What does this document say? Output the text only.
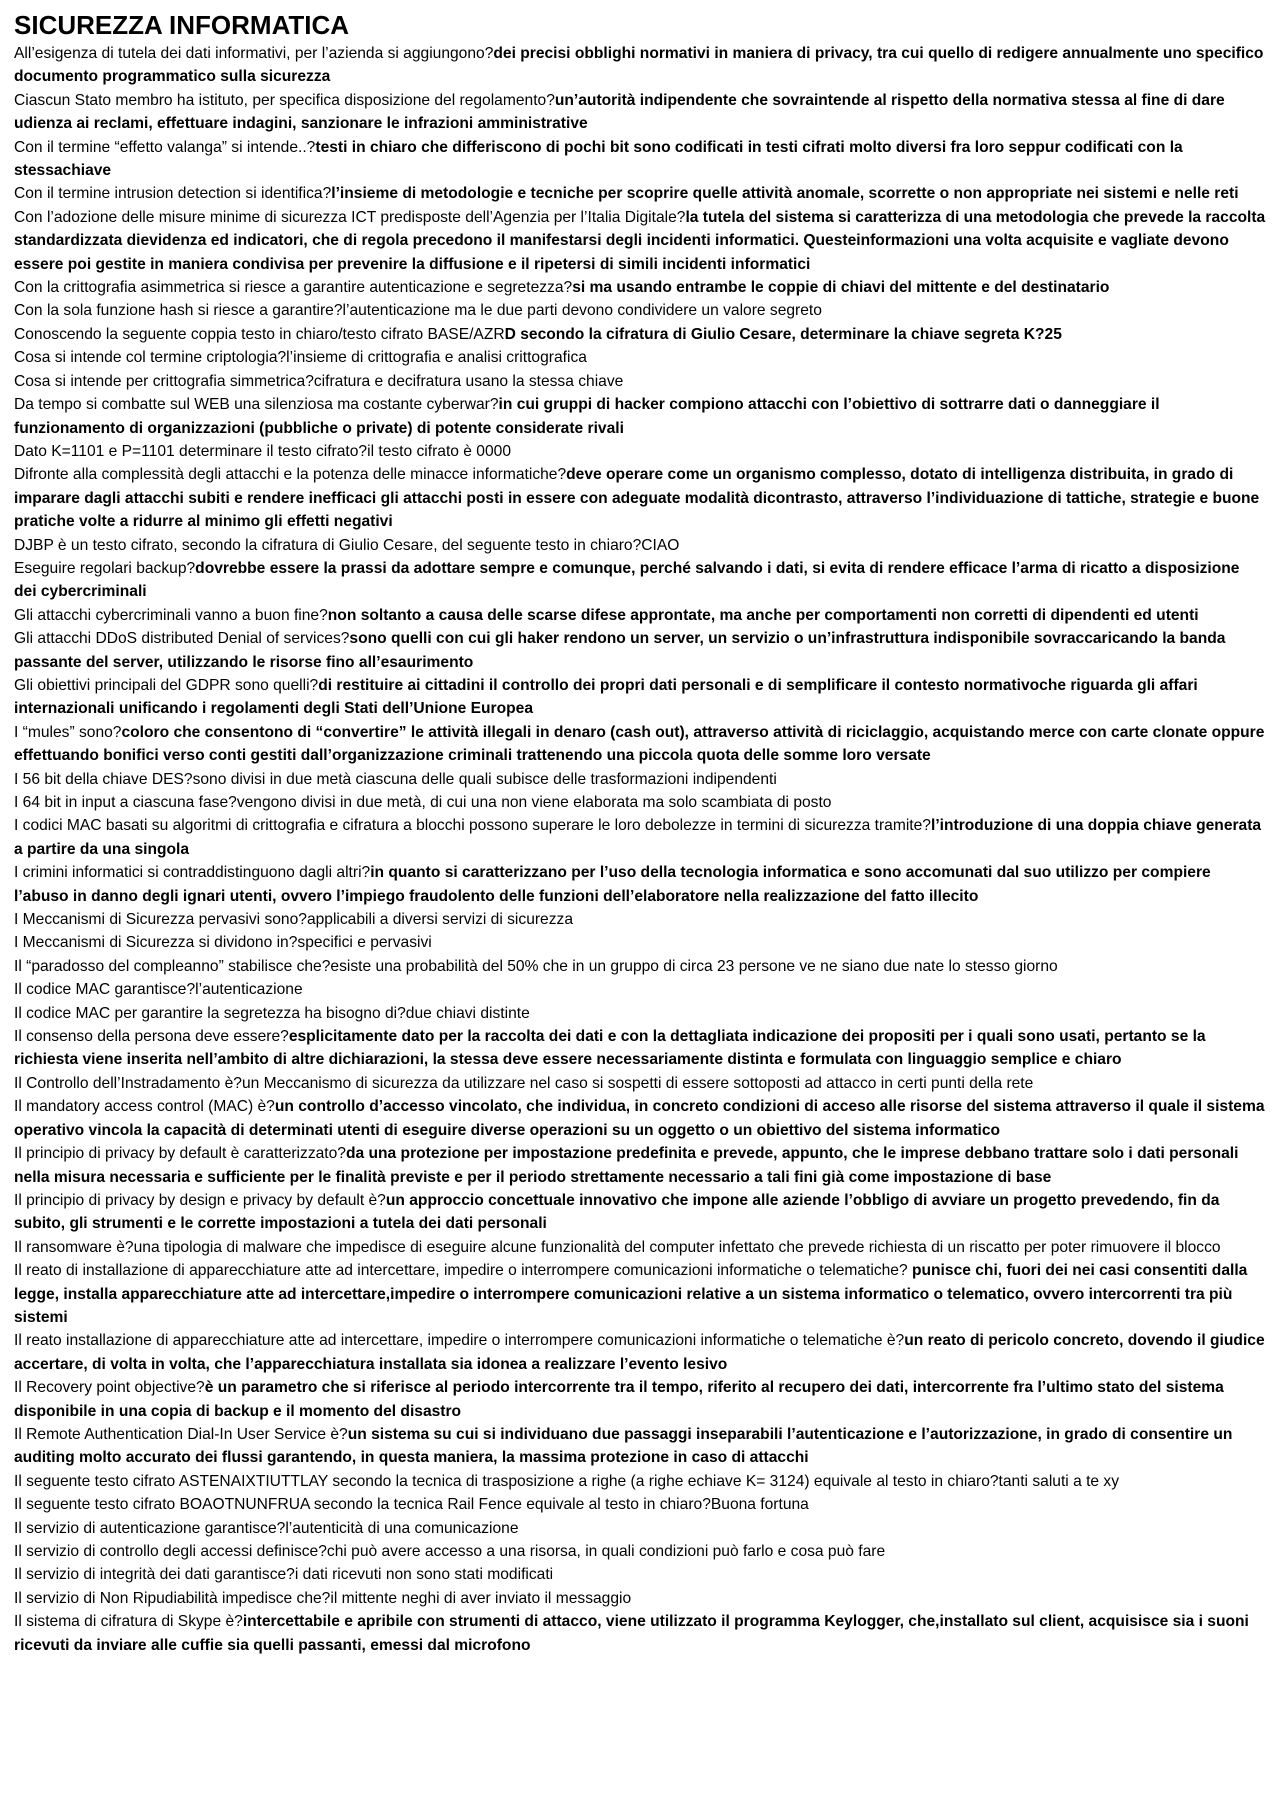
SICUREZZA INFORMATICA

All’esigenza di tutela dei dati informativi, per l’azienda si aggiungono?dei precisi obblighi normativi in maniera di privacy, tra cui quello di redigere annualmente uno specifico documento programmatico sulla sicurezza

Ciascun Stato membro ha istituto, per specifica disposizione del regolamento?un’autorità indipendente che sovraintende al rispetto della normativa stessa al fine di dare udienza ai reclami, effettuare indagini, sanzionare le infrazioni amministrative

Con il termine “effetto valanga” si intende..?testi in chiaro che differiscono di pochi bit sono codificati in testi cifrati molto diversi fra loro seppur codificati con la stessachiave

Con il termine intrusion detection si identifica?l’insieme di metodologie e tecniche per scoprire quelle attività anomale, scorrette o non appropriate nei sistemi e nelle reti

Con l’adozione delle misure minime di sicurezza ICT predisposte dell’Agenzia per l’Italia Digitale?la tutela del sistema si caratterizza di una metodologia che prevede la raccolta standardizzata dievidenza ed indicatori, che di regola precedono il manifestarsi degli incidenti informatici. Questeinformazioni una volta acquisite e vagliate devono essere poi gestite in maniera condivisa per prevenire la diffusione e il ripetersi di simili incidenti informatici

Con la crittografia asimmetrica si riesce a garantire autenticazione e segretezza?si ma usando entrambe le coppie di chiavi del mittente e del destinatario

Con la sola funzione hash si riesce a garantire?l’autenticazione ma le due parti devono condividere un valore segreto

Conoscendo la seguente coppia testo in chiaro/testo cifrato BASE/AZRD secondo la cifratura di Giulio Cesare, determinare la chiave segreta K?25

Cosa si intende col termine criptologia?l’insieme di crittografia e analisi crittografica

Cosa si intende per crittografia simmetrica?cifratura e decifratura usano la stessa chiave

Da tempo si combatte sul WEB una silenziosa ma costante cyberwar?in cui gruppi di hacker compiono attacchi con l’obiettivo di sottrarre dati o danneggiare il funzionamento di organizzazioni (pubbliche o private) di potente considerate rivali

Dato K=1101 e P=1101 determinare il testo cifrato?il testo cifrato è 0000

Difronte alla complessità degli attacchi e la potenza delle minacce informatiche?deve operare come un organismo complesso, dotato di intelligenza distribuita, in grado di imparare dagli attacchi subiti e rendere inefficaci gli attacchi posti in essere con adeguate modalità dicontrasto, attraverso l’individuazione di tattiche, strategie e buone pratiche volte a ridurre al minimo gli effetti negativi

DJBP è un testo cifrato, secondo la cifratura di Giulio Cesare, del seguente testo in chiaro?CIAO

Eseguire regolari backup?dovrebbe essere la prassi da adottare sempre e comunque, perché salvando i dati, si evita di rendere efficace l’arma di ricatto a disposizione dei cybercriminali

Gli attacchi cybercriminali vanno a buon fine?non soltanto a causa delle scarse difese approntate, ma anche per comportamenti non corretti di dipendenti ed utenti

Gli attacchi DDoS distributed Denial of services?sono quelli con cui gli haker rendono un server, un servizio o un’infrastruttura indisponibile sovraccaricando la banda passante del server, utilizzando le risorse fino all’esaurimento

Gli obiettivi principali del GDPR sono quelli?di restituire ai cittadini il controllo dei propri dati personali e di semplificare il contesto normativoche riguarda gli affari internazionali unificando i regolamenti degli Stati dell’Unione Europea

I “mules” sono?coloro che consentono di “convertire” le attività illegali in denaro (cash out), attraverso attività di riciclaggio, acquistando merce con carte clonate oppure effettuando bonifici verso conti gestiti dall’organizzazione criminali trattenendo una piccola quota delle somme loro versate

I 56 bit della chiave DES?sono divisi in due metà ciascuna delle quali subisce delle trasformazioni indipendenti

I 64 bit in input a ciascuna fase?vengono divisi in due metà, di cui una non viene elaborata ma solo scambiata di posto

I codici MAC basati su algoritmi di crittografia e cifratura a blocchi possono superare le loro debolezze in termini di sicurezza tramite?l’introduzione di una doppia chiave generata a partire da una singola

I crimini informatici si contraddistinguono dagli altri?in quanto si caratterizzano per l’uso della tecnologia informatica e sono accomunati dal suo utilizzo per compiere l’abuso in danno degli ignari utenti, ovvero l’impiego fraudolento delle funzioni dell’elaboratore nella realizzazione del fatto illecito

I Meccanismi di Sicurezza pervasivi sono?applicabili a diversi servizi di sicurezza

I Meccanismi di Sicurezza si dividono in?specifici e pervasivi

Il “paradosso del compleanno” stabilisce che?esiste una probabilità del 50% che in un gruppo di circa 23 persone ve ne siano due nate lo stesso giorno

Il codice MAC garantisce?l’autenticazione

Il codice MAC per garantire la segretezza ha bisogno di?due chiavi distinte

Il consenso della persona deve essere?esplicitamente dato per la raccolta dei dati e con la dettagliata indicazione dei propositi per i quali sono usati, pertanto se la richiesta viene inserita nell’ambito di altre dichiarazioni, la stessa deve essere necessariamente distinta e formulata con linguaggio semplice e chiaro

Il Controllo dell’Instradamento è?un Meccanismo di sicurezza da utilizzare nel caso si sospetti di essere sottoposti ad attacco in certi punti della rete

Il mandatory access control (MAC) è?un controllo d’accesso vincolato, che individua, in concreto condizioni di acceso alle risorse del sistema attraverso il quale il sistema operativo vincola la capacità di determinati utenti di eseguire diverse operazioni su un oggetto o un obiettivo del sistema informatico

Il principio di privacy by default è caratterizzato?da una protezione per impostazione predefinita e prevede, appunto, che le imprese debbano trattare solo i dati personali nella misura necessaria e sufficiente per le finalità previste e per il periodo strettamente necessario a tali fini già come impostazione di base

Il principio di privacy by design e privacy by default è?un approccio concettuale innovativo che impone alle aziende l’obbligo di avviare un progetto prevedendo, fin da subito, gli strumenti e le corrette impostazioni a tutela dei dati personali

Il ransomware è?una tipologia di malware che impedisce di eseguire alcune funzionalità del computer infettato che prevede richiesta di un riscatto per poter rimuovere il blocco

Il reato di installazione di apparecchiature atte ad intercettare, impedire o interrompere comunicazioni informatiche o telematiche? punisce chi, fuori dei nei casi consentiti dalla legge, installa apparecchiature atte ad intercettare,impedire o interrompere comunicazioni relative a un sistema informatico o telematico, ovvero intercorrenti tra più sistemi

Il reato installazione di apparecchiature atte ad intercettare, impedire o interrompere comunicazioni informatiche o telematiche è?un reato di pericolo concreto, dovendo il giudice accertare, di volta in volta, che l’apparecchiatura installata sia idonea a realizzare l’evento lesivo

Il Recovery point objective?è un parametro che si riferisce al periodo intercorrente tra il tempo, riferito al recupero dei dati, intercorrente fra l’ultimo stato del sistema disponibile in una copia di backup e il momento del disastro

Il Remote Authentication Dial-In User Service è?un sistema su cui si individuano due passaggi inseparabili l’autenticazione e l’autorizzazione, in grado di consentire un auditing molto accurato dei flussi garantendo, in questa maniera, la massima protezione in caso di attacchi

Il seguente testo cifrato ASTENAIXTIUTTLAY secondo la tecnica di trasposizione a righe (a righe echiave K= 3124) equivale al testo in chiaro?tanti saluti a te xy

Il seguente testo cifrato BOAOTNUNFRUA secondo la tecnica Rail Fence equivale al testo in chiaro?Buona fortuna

Il servizio di autenticazione garantisce?l’autenticità di una comunicazione

Il servizio di controllo degli accessi definisce?chi può avere accesso a una risorsa, in quali condizioni può farlo e cosa può fare

Il servizio di integrità dei dati garantisce?i dati ricevuti non sono stati modificati

Il servizio di Non Ripudiabilità impedisce che?il mittente neghi di aver inviato il messaggio

Il sistema di cifratura di Skype è?intercettabile e apribile con strumenti di attacco, viene utilizzato il programma Keylogger, che,installato sul client, acquisisce sia i suoni ricevuti da inviare alle cuffie sia quelli passanti, emessi dal microfono
